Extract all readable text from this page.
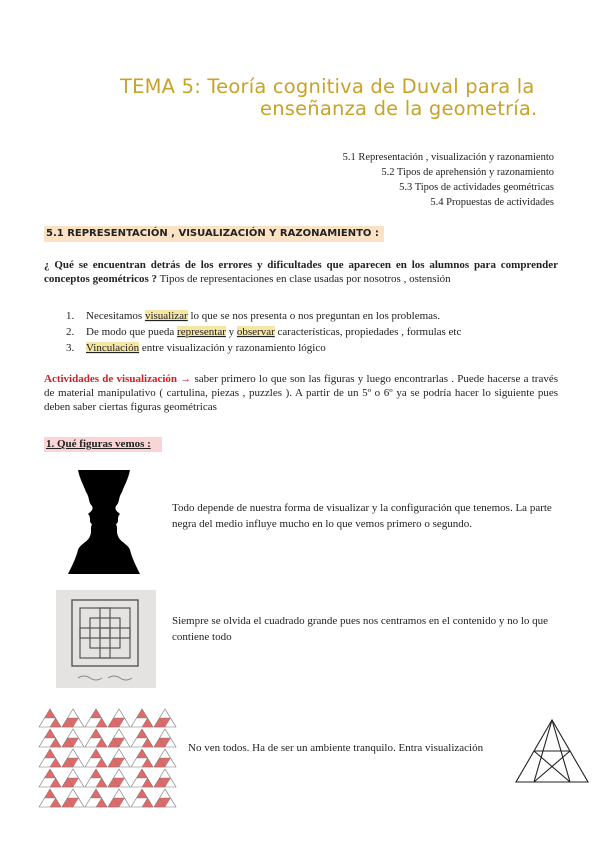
TEMA 5: Teoría cognitiva de Duval para la
enseñanza de la geometría.
5.1 Representación , visualización y razonamiento
5.2 Tipos de aprehensión y razonamiento
5.3 Tipos de actividades geométricas
5.4 Propuestas de actividades
5.1 REPRESENTACIÓN , VISUALIZACIÓN Y RAZONAMIENTO :
¿ Qué se encuentran detrás de los errores y dificultades que aparecen en los alumnos para comprender conceptos geométricos ? Tipos de representaciones en clase usadas por nosotros , ostensión
1. Necesitamos visualizar lo que se nos presenta o nos preguntan en los problemas.
2. De modo que pueda representar y observar características, propiedades , formulas etc
3. Vinculación entre visualización y razonamiento lógico
Actividades de visualización → saber primero lo que son las figuras y luego encontrarlas . Puede hacerse a través de material manipulativo ( cartulina, piezas , puzzles ). A partir de un 5º o 6º ya se podría hacer lo siguiente pues deben saber ciertas figuras geométricas
1. Qué figuras vemos :
Todo depende de nuestra forma de visualizar y la configuración que tenemos. La parte negra del medio influye mucho en lo que vemos primero o segundo.
Siempre se olvida el cuadrado grande pues nos centramos en el contenido y no lo que contiene todo
No ven todos. Ha de ser un ambiente tranquilo. Entra visualización
